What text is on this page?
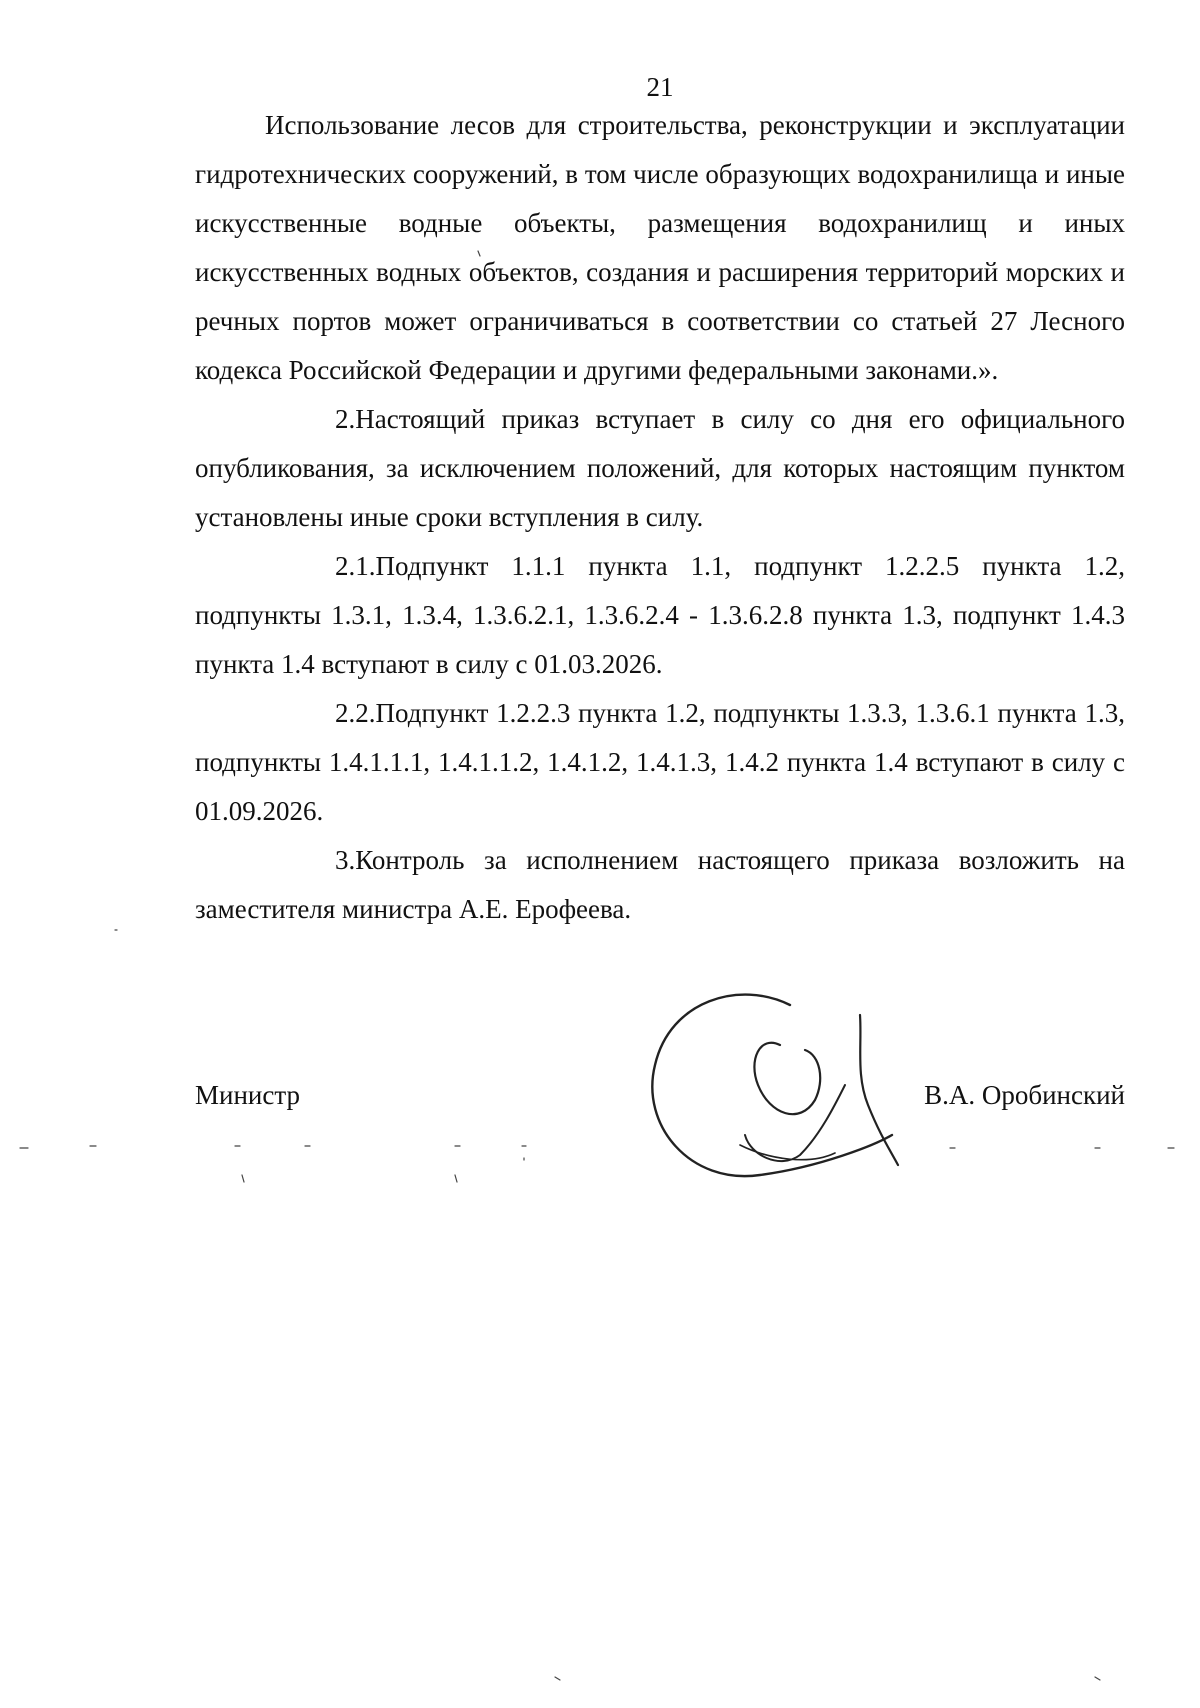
21

Использование лесов для строительства, реконструкции и эксплуатации гидротехнических сооружений, в том числе образующих водохранилища и иные искусственные водные объекты, размещения водохранилищ и иных искусственных водных объектов, создания и расширения территорий морских и речных портов может ограничиваться в соответствии со статьей 27 Лесного кодекса Российской Федерации и другими федеральными законами.».

2.Настоящий приказ вступает в силу со дня его официального опубликования, за исключением положений, для которых настоящим пунктом установлены иные сроки вступления в силу.

2.1.Подпункт 1.1.1 пункта 1.1, подпункт 1.2.2.5 пункта 1.2, подпункты 1.3.1, 1.3.4, 1.3.6.2.1, 1.3.6.2.4 - 1.3.6.2.8 пункта 1.3, подпункт 1.4.3 пункта 1.4 вступают в силу с 01.03.2026.

2.2.Подпункт 1.2.2.3 пункта 1.2, подпункты 1.3.3, 1.3.6.1 пункта 1.3, подпункты 1.4.1.1.1, 1.4.1.1.2, 1.4.1.2, 1.4.1.3, 1.4.2 пункта 1.4 вступают в силу с 01.09.2026.

3.Контроль за исполнением настоящего приказа возложить на заместителя министра А.Е. Ерофеева.

Министр	В.А. Оробинский
